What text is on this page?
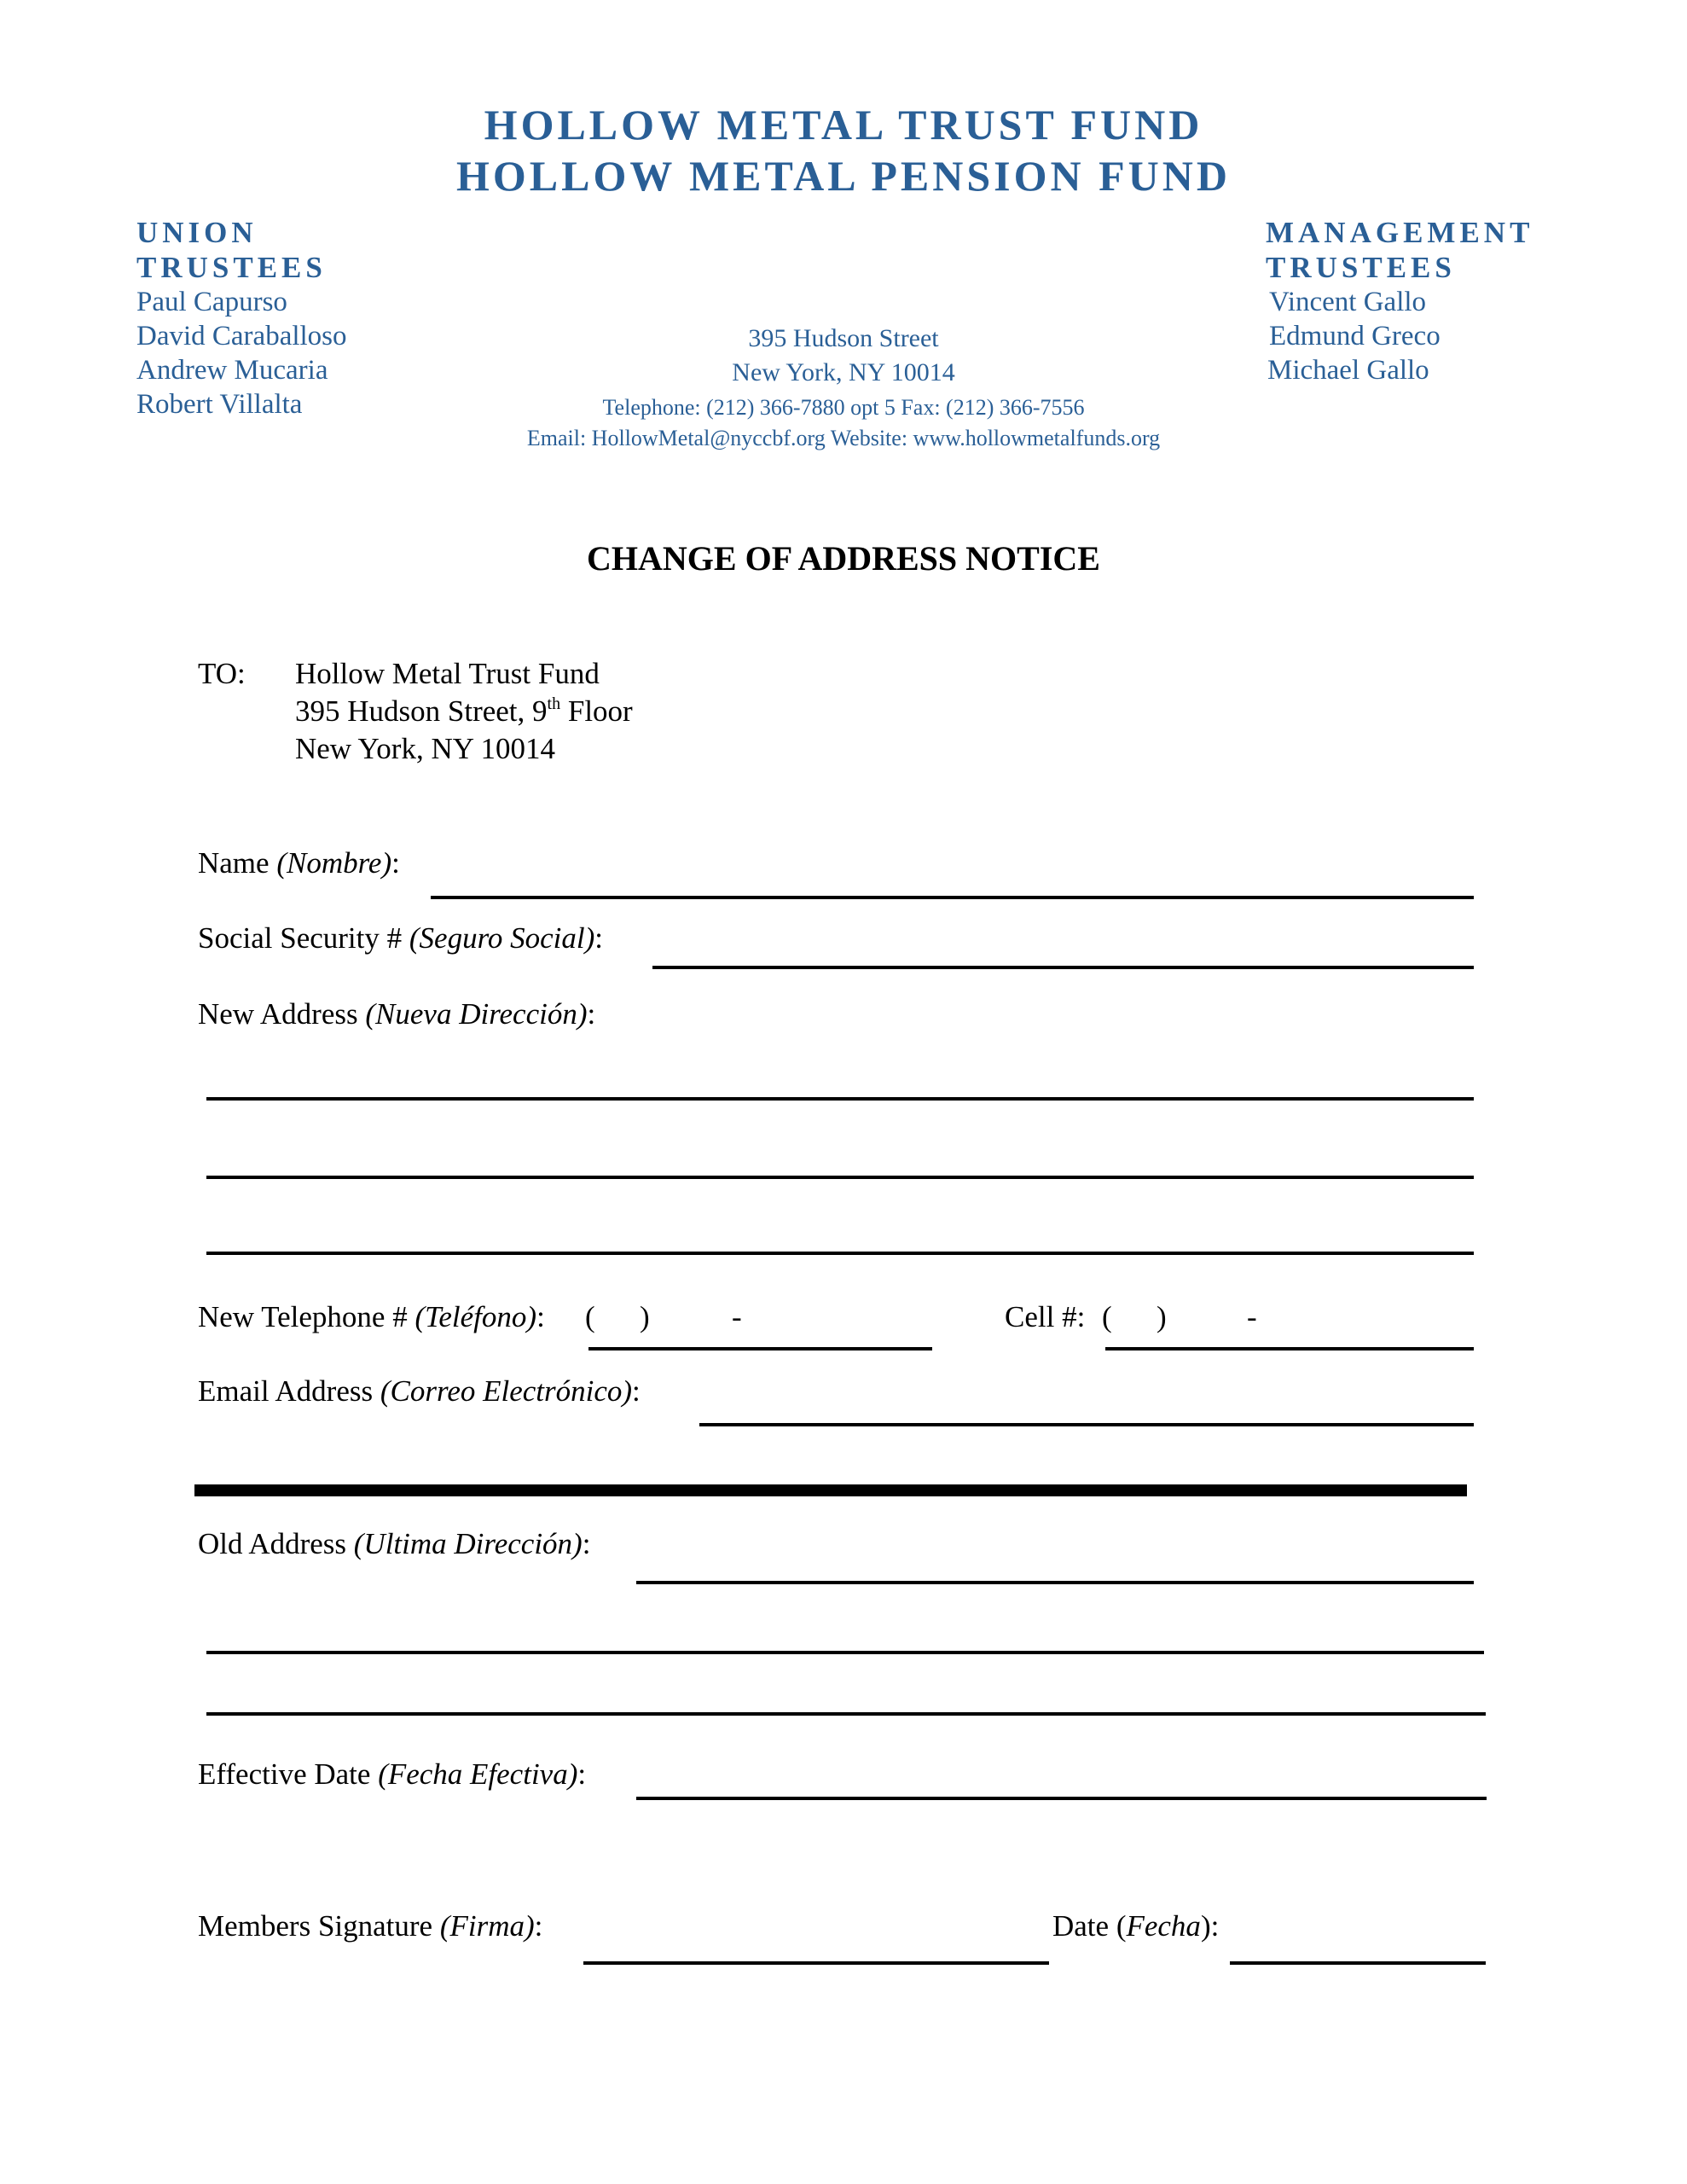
HOLLOW METAL TRUST FUND
HOLLOW METAL PENSION FUND
UNION
TRUSTEES
Paul Capurso
David Caraballoso
Andrew Mucaria
Robert Villalta
MANAGEMENT
TRUSTEES
Vincent Gallo
Edmund Greco
Michael Gallo
395 Hudson Street
New York, NY 10014
Telephone: (212) 366-7880 opt 5 Fax: (212) 366-7556
Email: HollowMetal@nyccbf.org Website: www.hollowmetalfunds.org
CHANGE OF ADDRESS NOTICE
TO: Hollow Metal Trust Fund
395 Hudson Street, 9th Floor
New York, NY 10014
Name (Nombre):
Social Security # (Seguro Social):
New Address (Nueva Dirección):
New Telephone # (Teléfono): ( )	-	Cell #: ( )	-
Email Address (Correo Electrónico):
Old Address (Ultima Dirección):
Effective Date (Fecha Efectiva):
Members Signature (Firma):	Date (Fecha):
